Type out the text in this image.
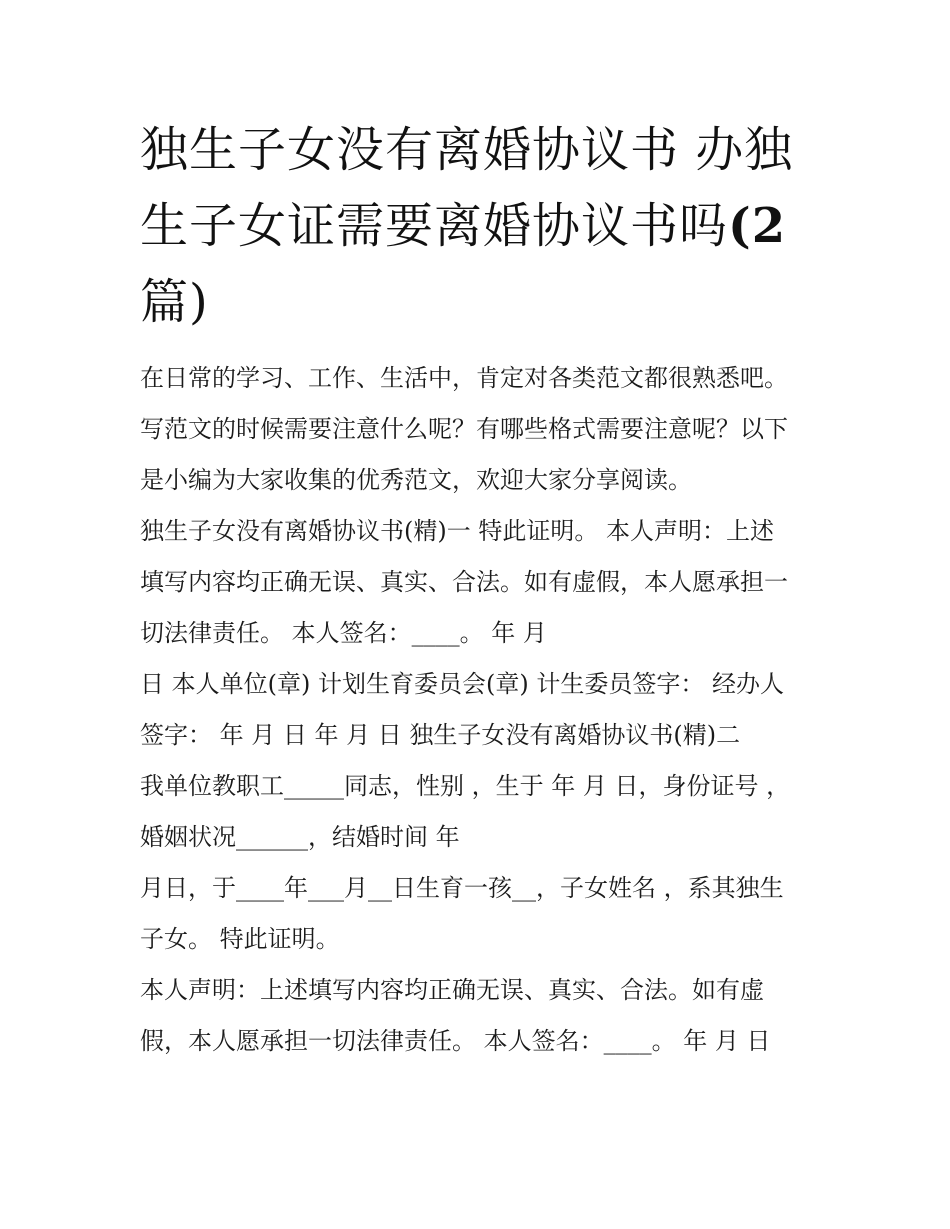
独生子女没有离婚协议书 办独
生子女证需要离婚协议书吗(2
篇)
在日常的学习、工作、生活中，肯定对各类范文都很熟悉吧。
写范文的时候需要注意什么呢？有哪些格式需要注意呢？以下
是小编为大家收集的优秀范文，欢迎大家分享阅读。
独生子女没有离婚协议书(精)一 特此证明。 本人声明：上述
填写内容均正确无误、真实、合法。如有虚假，本人愿承担一
切法律责任。 本人签名：____。 年 月
日 本人单位(章) 计划生育委员会(章) 计生委员签字： 经办人
签字： 年 月 日 年 月 日 独生子女没有离婚协议书(精)二
我单位教职工_____同志，性别 ，生于 年 月 日，身份证号 ，
婚姻状况______，结婚时间 年
月日，于____年___月__日生育一孩__，子女姓名 ，系其独生
子女。 特此证明。
本人声明：上述填写内容均正确无误、真实、合法。如有虚
假，本人愿承担一切法律责任。 本人签名：____。 年 月 日
